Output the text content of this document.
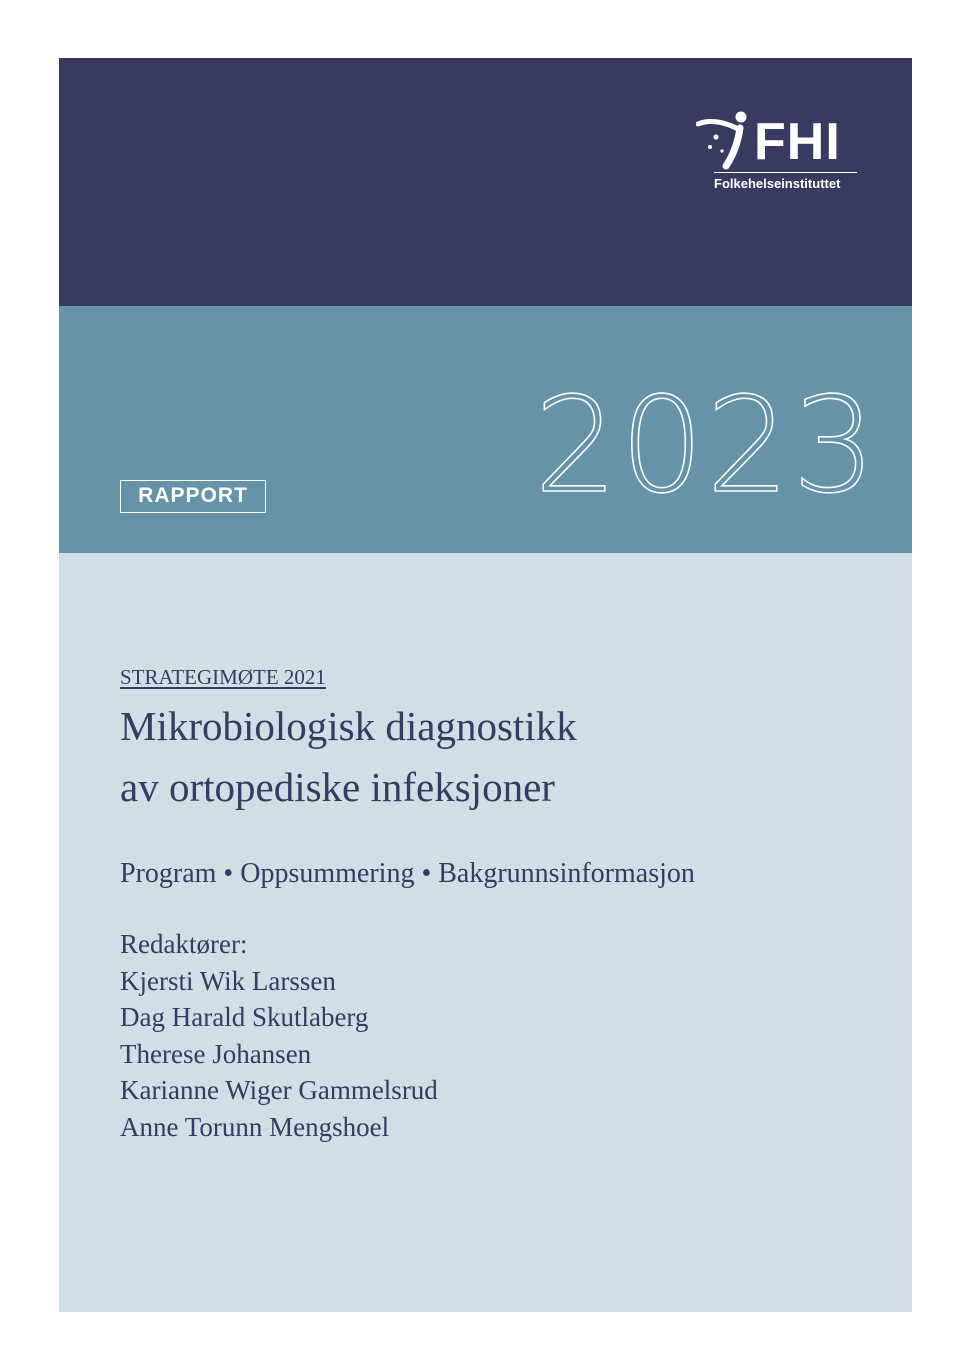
FHI
Folkehelseinstituttet
2023
RAPPORT
STRATEGIMØTE 2021
Mikrobiologisk diagnostikk
av ortopediske infeksjoner
Program • Oppsummering • Bakgrunnsinformasjon
Redaktører:
Kjersti Wik Larssen
Dag Harald Skutlaberg
Therese Johansen
Karianne Wiger Gammelsrud
Anne Torunn Mengshoel
